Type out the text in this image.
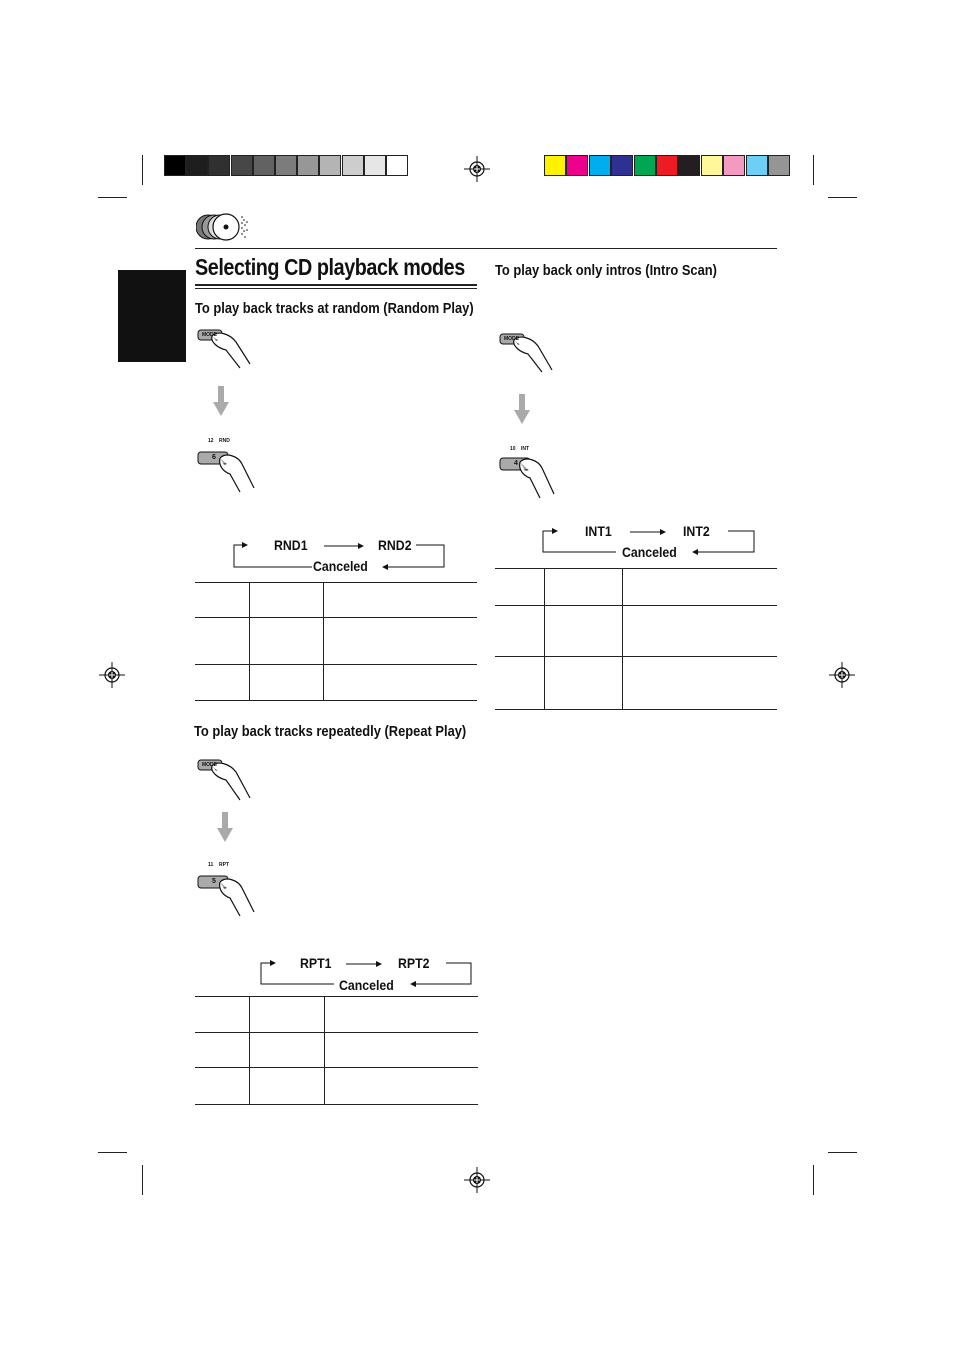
Selecting CD playback modes
To play back tracks at random (Random Play)
MODE
12 RND
6
RND1	RND2
Canceled
To play back tracks repeatedly (Repeat Play)
MODE
11 RPT
5
RPT1	RPT2
Canceled
To play back only intros (Intro Scan)
MODE
10 INT
4
INT1	INT2
Canceled
